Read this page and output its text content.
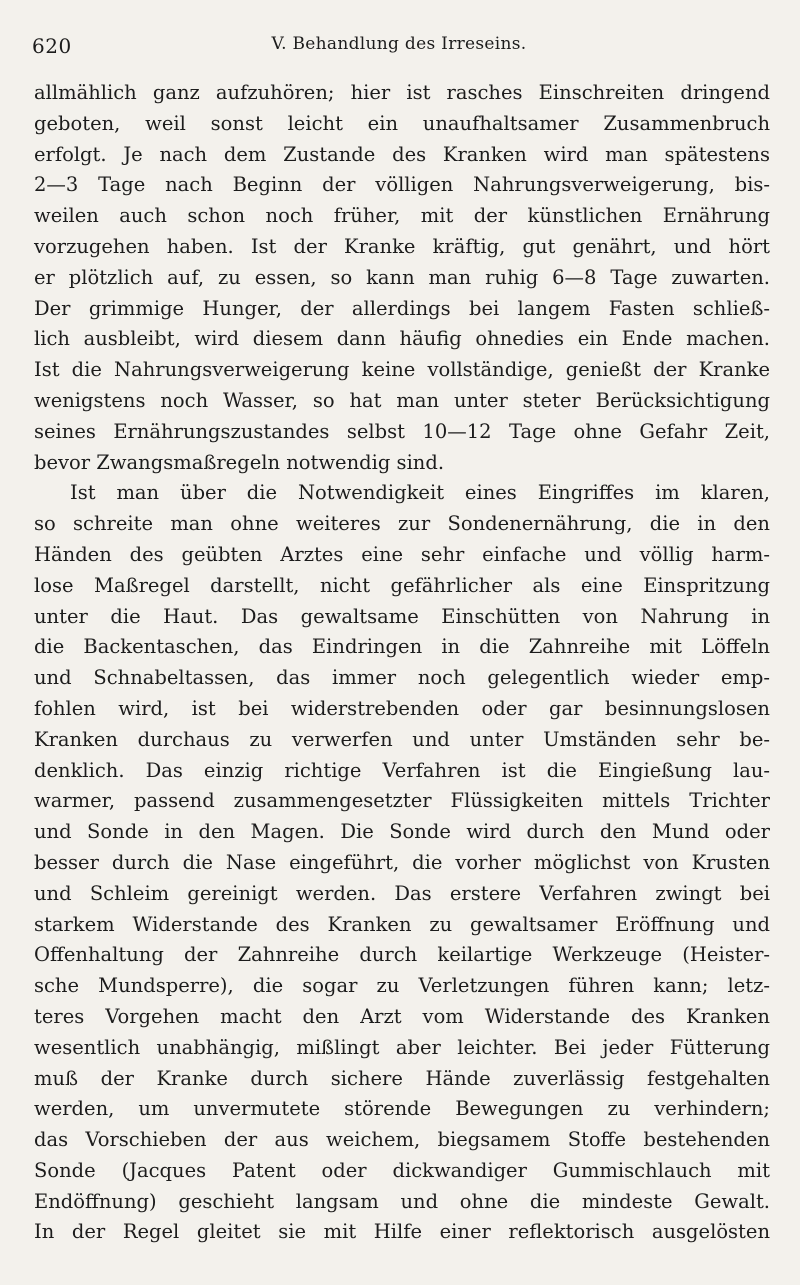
620	V. Behandlung des Irreseins.
allmählich ganz aufzuhören; hier ist rasches Einschreiten dringend
geboten, weil sonst leicht ein unaufhaltsamer Zusammenbruch
erfolgt. Je nach dem Zustande des Kranken wird man spätestens
2—3 Tage nach Beginn der völligen Nahrungsverweigerung, bis-
weilen auch schon noch früher, mit der künstlichen Ernährung
vorzugehen haben. Ist der Kranke kräftig, gut genährt, und hört
er plötzlich auf, zu essen, so kann man ruhig 6—8 Tage zuwarten.
Der grimmige Hunger, der allerdings bei langem Fasten schließ-
lich ausbleibt, wird diesem dann häufig ohnedies ein Ende machen.
Ist die Nahrungsverweigerung keine vollständige, genießt der Kranke
wenigstens noch Wasser, so hat man unter steter Berücksichtigung
seines Ernährungszustandes selbst 10—12 Tage ohne Gefahr Zeit,
bevor Zwangsmaßregeln notwendig sind.
Ist man über die Notwendigkeit eines Eingriffes im klaren,
so schreite man ohne weiteres zur Sondenernährung, die in den
Händen des geübten Arztes eine sehr einfache und völlig harm-
lose Maßregel darstellt, nicht gefährlicher als eine Einspritzung
unter die Haut. Das gewaltsame Einschütten von Nahrung in
die Backentaschen, das Eindringen in die Zahnreihe mit Löffeln
und Schnabeltassen, das immer noch gelegentlich wieder emp-
fohlen wird, ist bei widerstrebenden oder gar besinnungslosen
Kranken durchaus zu verwerfen und unter Umständen sehr be-
denklich. Das einzig richtige Verfahren ist die Eingießung lau-
warmer, passend zusammengesetzter Flüssigkeiten mittels Trichter
und Sonde in den Magen. Die Sonde wird durch den Mund oder
besser durch die Nase eingeführt, die vorher möglichst von Krusten
und Schleim gereinigt werden. Das erstere Verfahren zwingt bei
starkem Widerstande des Kranken zu gewaltsamer Eröffnung und
Offenhaltung der Zahnreihe durch keilartige Werkzeuge (Heister-
sche Mundsperre), die sogar zu Verletzungen führen kann; letz-
teres Vorgehen macht den Arzt vom Widerstande des Kranken
wesentlich unabhängig, mißlingt aber leichter. Bei jeder Fütterung
muß der Kranke durch sichere Hände zuverlässig festgehalten
werden, um unvermutete störende Bewegungen zu verhindern;
das Vorschieben der aus weichem, biegsamem Stoffe bestehenden
Sonde (Jacques Patent oder dickwandiger Gummischlauch mit
Endöffnung) geschieht langsam und ohne die mindeste Gewalt.
In der Regel gleitet sie mit Hilfe einer reflektorisch ausgelösten
